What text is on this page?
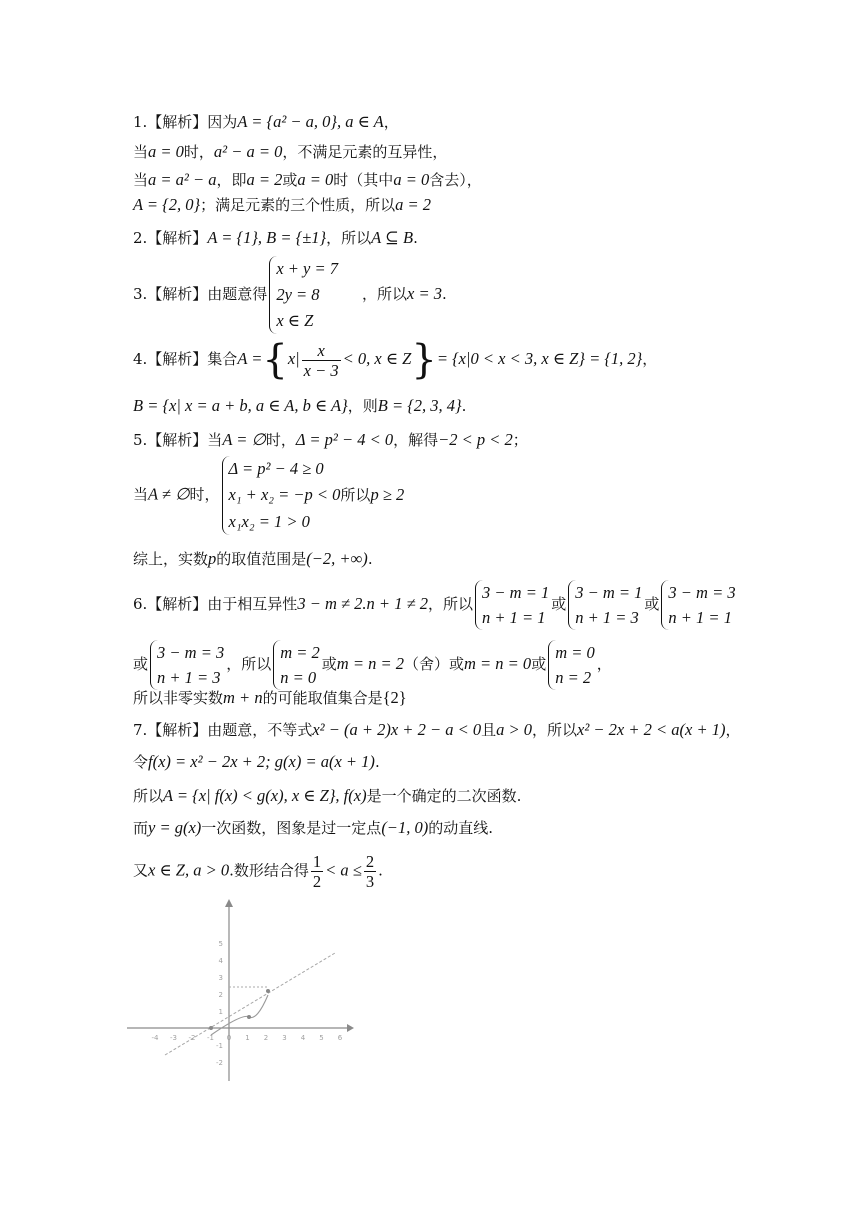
1.【解析】因为A = {a² − a, 0}, a ∈ A，
当a = 0时，a² − a = 0，不满足元素的互异性，
当a = a² − a，即a = 2或a = 0时（其中a = 0含去），
A = {2, 0}；满足元素的三个性质，所以a = 2
2.【解析】A = {1}, B = {±1}，所以A ⊆ B.
3.【解析】由题意得
x + y = 7
2y = 8
x ∈ Z
，所以x = 3.
4.【解析】集合$A =\{x| \frac{x}{x - 3} < 0$, x ∈ Z}= {x|0 < x < 3, x ∈ Z} = {1, 2}，
B = {x| x = a + b, a ∈ A, b ∈ A}，则B = {2, 3, 4}.
5.【解析】当A = ∅时，Δ = p² − 4 < 0，解得−2 < p < 2；
当A ≠ ∅时，
Δ = p² − 4 ≥ 0
x₁ + x₂ = −p < 0所以p ≥ 2
x₁x₂ = 1 > 0
综上，实数p的取值范围是(−2, +∞).
6.【解析】由于相互异性3 − m ≠ 2.n + 1 ≠ 2，所以
3 − m = 1
n + 1 = 1
或
3 − m = 1
n + 1 = 3
或
3 − m = 3
n + 1 = 1
或
3 − m = 3
n + 1 = 3
，所以
m = 2
n = 0
或m = n = 2（舍）或m = n = 0或
m = 0
n = 2
，
所以非零实数m + n的可能取值集合是{2}
7.【解析】由题意，不等式x² − (a + 2)x + 2 − a < 0且a > 0，所以x² − 2x + 2 < a(x + 1)，
令f(x) = x² − 2x + 2; g(x) = a(x + 1).
所以A = {x| f(x) < g(x), x ∈ Z}, f(x)是一个确定的二次函数.
而y = g(x)一次函数，图象是过一定点(−1, 0)的动直线.
又x ∈ Z, a > 0.数形结合得 $\frac{1}{2} < a \le \frac{2}{3}$ .
-4 -3 -2 -1 0 1 2 3 4 5 6
5
4
3
2
1
-1
-2
